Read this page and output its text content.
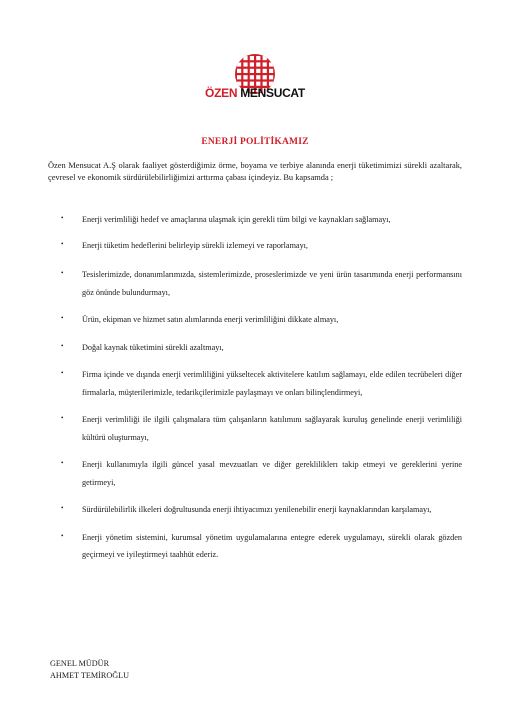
ÖZEN MENSUCAT
ENERJİ POLİTİKAMIZ

Özen Mensucat A.Ş olarak faaliyet gösterdiğimiz örme, boyama ve terbiye alanında enerji tüketimimizi sürekli azaltarak, çevresel ve ekonomik sürdürülebilirliğimizi arttırma çabası içindeyiz. Bu kapsamda ;

• Enerji verimliliği hedef ve amaçlarına ulaşmak için gerekli tüm bilgi ve kaynakları sağlamayı,
• Enerji tüketim hedeflerini belirleyip sürekli izlemeyi ve raporlamayı,
• Tesislerimizde, donanımlarımızda, sistemlerimizde, proseslerimizde ve yeni ürün tasarımında enerji performansını göz önünde bulundurmayı,
• Ürün, ekipman ve hizmet satın alımlarında enerji verimliliğini dikkate almayı,
• Doğal kaynak tüketimini sürekli azaltmayı,
• Firma içinde ve dışında enerji verimliliğini yükseltecek aktivitelere katılım sağlamayı, elde edilen tecrübeleri diğer firmalarla, müşterilerimizle, tedarikçilerimizle paylaşmayı ve onları bilinçlendirmeyi,
• Enerji verimliliği ile ilgili çalışmalara tüm çalışanların katılımını sağlayarak kuruluş genelinde enerji verimliliği kültürü oluşturmayı,
• Enerji kullanımıyla ilgili güncel yasal mevzuatları ve diğer gerekliliklerı takip etmeyi ve gereklerini yerine getirmeyi,
• Sürdürülebilirlik ilkeleri doğrultusunda enerji ihtiyacımızı yenilenebilir enerji kaynaklarından karşılamayı,
• Enerji yönetim sistemini, kurumsal yönetim uygulamalarına entegre ederek uygulamayı, sürekli olarak gözden geçirmeyi ve iyileştirmeyi taahhüt ederiz.
GENEL MÜDÜR
AHMET TEMİROĞLU
